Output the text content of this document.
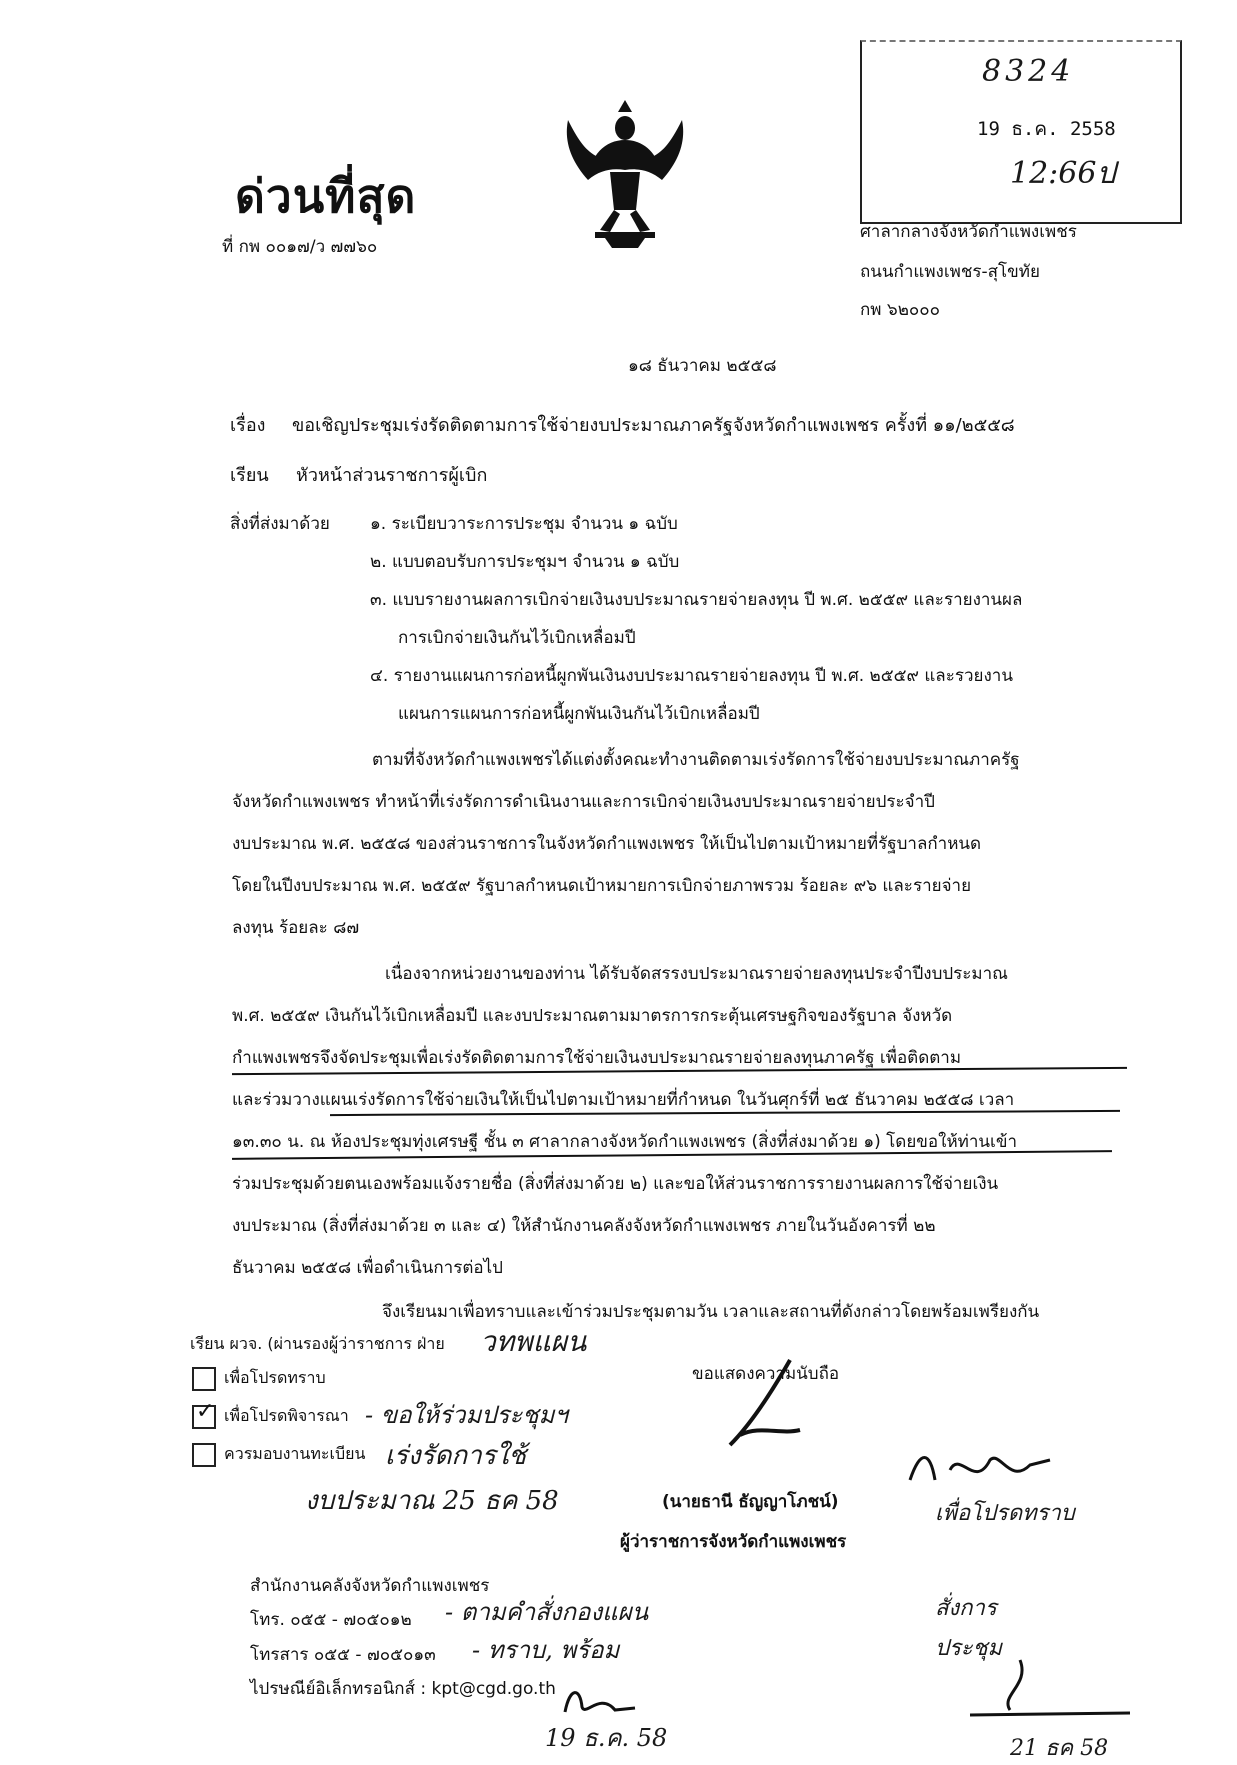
ด่วนที่สุด
ที่ กพ ๐๐๑๗/ว ๗๗๖๐
8324
19 ธ.ค. 2558
12:66ป
ศาลากลางจังหวัดกำแพงเพชร
ถนนกำแพงเพชร-สุโขทัย
กพ ๖๒๐๐๐
๑๘ ธันวาคม ๒๕๕๘
เรื่อง ขอเชิญประชุมเร่งรัดติดตามการใช้จ่ายงบประมาณภาครัฐจังหวัดกำแพงเพชร ครั้งที่ ๑๑/๒๕๕๘
เรียน หัวหน้าส่วนราชการผู้เบิก
สิ่งที่ส่งมาด้วย ๑. ระเบียบวาระการประชุม จำนวน ๑ ฉบับ
๒. แบบตอบรับการประชุมฯ จำนวน ๑ ฉบับ
๓. แบบรายงานผลการเบิกจ่ายเงินงบประมาณรายจ่ายลงทุน ปี พ.ศ. ๒๕๕๙ และรายงานผล
การเบิกจ่ายเงินกันไว้เบิกเหลื่อมปี
๔. รายงานแผนการก่อหนี้ผูกพันเงินงบประมาณรายจ่ายลงทุน ปี พ.ศ. ๒๕๕๙ และรวยงาน
แผนการแผนการก่อหนี้ผูกพันเงินกันไว้เบิกเหลื่อมปี
ตามที่จังหวัดกำแพงเพชรได้แต่งตั้งคณะทำงานติดตามเร่งรัดการใช้จ่ายงบประมาณภาครัฐ
จังหวัดกำแพงเพชร ทำหน้าที่เร่งรัดการดำเนินงานและการเบิกจ่ายเงินงบประมาณรายจ่ายประจำปี
งบประมาณ พ.ศ. ๒๕๕๘ ของส่วนราชการในจังหวัดกำแพงเพชร ให้เป็นไปตามเป้าหมายที่รัฐบาลกำหนด
โดยในปีงบประมาณ พ.ศ. ๒๕๕๙ รัฐบาลกำหนดเป้าหมายการเบิกจ่ายภาพรวม ร้อยละ ๙๖ และรายจ่าย
ลงทุน ร้อยละ ๘๗
เนื่องจากหน่วยงานของท่าน ได้รับจัดสรรงบประมาณรายจ่ายลงทุนประจำปีงบประมาณ
พ.ศ. ๒๕๕๙ เงินกันไว้เบิกเหลื่อมปี และงบประมาณตามมาตรการกระตุ้นเศรษฐกิจของรัฐบาล จังหวัด
กำแพงเพชรจึงจัดประชุมเพื่อเร่งรัดติดตามการใช้จ่ายเงินงบประมาณรายจ่ายลงทุนภาครัฐ เพื่อติดตาม
และร่วมวางแผนเร่งรัดการใช้จ่ายเงินให้เป็นไปตามเป้าหมายที่กำหนด ในวันศุกร์ที่ ๒๕ ธันวาคม ๒๕๕๘ เวลา
๑๓.๓๐ น. ณ ห้องประชุมทุ่งเศรษฐี ชั้น ๓ ศาลากลางจังหวัดกำแพงเพชร (สิ่งที่ส่งมาด้วย ๑) โดยขอให้ท่านเข้า
ร่วมประชุมด้วยตนเองพร้อมแจ้งรายชื่อ (สิ่งที่ส่งมาด้วย ๒) และขอให้ส่วนราชการรายงานผลการใช้จ่ายเงิน
งบประมาณ (สิ่งที่ส่งมาด้วย ๓ และ ๔) ให้สำนักงานคลังจังหวัดกำแพงเพชร ภายในวันอังคารที่ ๒๒
ธันวาคม ๒๕๕๘ เพื่อดำเนินการต่อไป
จึงเรียนมาเพื่อทราบและเข้าร่วมประชุมตามวัน เวลาและสถานที่ดังกล่าวโดยพร้อมเพรียงกัน
เรียน ผวจ. (ผ่านรองผู้ว่าราชการ ฝ่าย วทพแผน
เพื่อโปรดทราบ
✓ เพื่อโปรดพิจารณา
ควรมอบงานทะเบียน
- ขอให้ร่วมประชุมฯ
เร่งรัดการใช้
งบประมาณ 25 ธค 58
ขอแสดงความนับถือ
(นายธานี ธัญญาโภชน์)
ผู้ว่าราชการจังหวัดกำแพงเพชร
สำนักงานคลังจังหวัดกำแพงเพชร
โทร. ๐๕๕ - ๗๐๕๐๑๒
โทรสาร ๐๕๕ - ๗๐๕๐๑๓
ไปรษณีย์อิเล็กทรอนิกส์ : kpt@cgd.go.th
- ตามคำสั่งกองแผน
- ทราบ, พร้อม
19 ธ.ค. 58
เพื่อโปรดทราบ
สั่งการ
ประชุม
21 ธค 58
